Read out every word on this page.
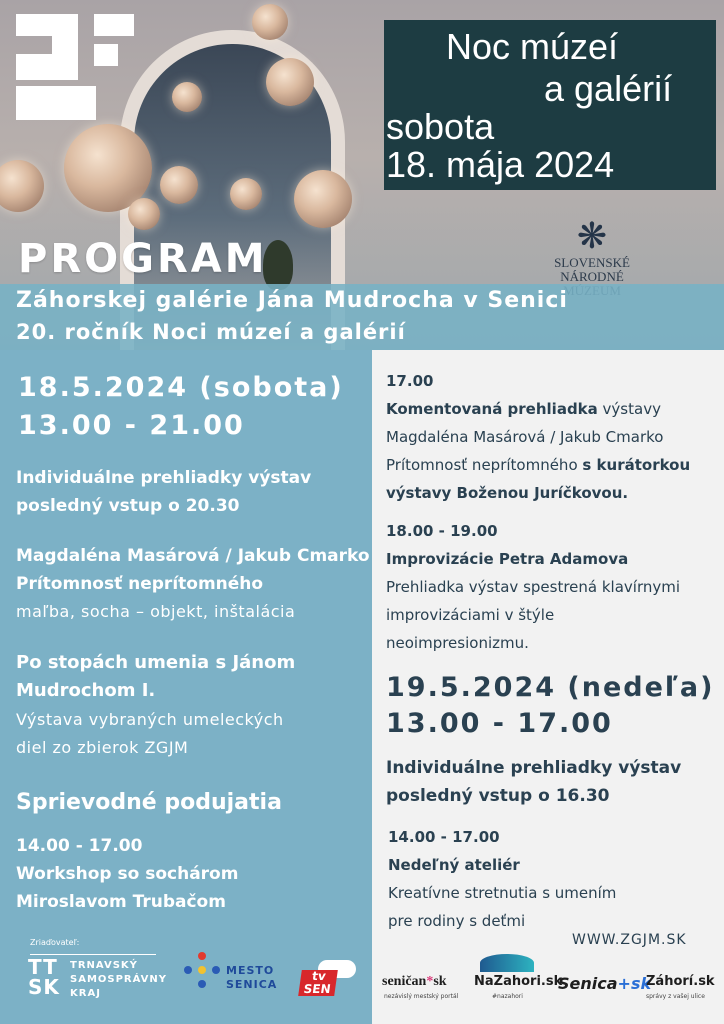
Noc múzeí
a galérií
sobota
18. mája 2024
❋
SLOVENSKÉ
NÁRODNÉ
PROGRAM
Záhorskej galérie Jána Mudrocha v Senici
20. ročník Noci múzeí a galérií
18.5.2024 (sobota)
13.00 - 21.00
Individuálne prehliadky výstav
posledný vstup o 20.30
Magdaléna Masárová / Jakub Cmarko
Prítomnosť neprítomného
maľba, socha – objekt, inštalácia
Po stopách umenia s Jánom
Mudrochom I.
Výstava vybraných umeleckých
diel zo zbierok ZGJM
Sprievodné podujatia
14.00 - 17.00
Workshop so sochárom
Miroslavom Trubačom
17.00
Komentovaná prehliadka výstavy
Magdaléna Masárová / Jakub Cmarko
Prítomnosť neprítomného s kurátorkou
výstavy Boženou Juríčkovou.
18.00 - 19.00
Improvizácie Petra Adamova
Prehliadka výstav spestrená klavírnymi
improvizáciami v štýle
neoimpresionizmu.
19.5.2024 (nedeľa)
13.00 - 17.00
Individuálne prehliadky výstav
posledný vstup o 16.30
14.00 - 17.00
Nedeľný ateliér
Kreatívne stretnutia s umením
pre rodiny s deťmi
WWW.ZGJM.SK
Zriaďovateľ:
TT
SK
TRNAVSKÝ
SAMOSPRÁVNY
KRAJ
MESTO
SENICA
tv
SEN	seničan*sk
nezávislý mestský portál
NaZahori.sk
#nazahori
Senica+sk
Záhorí.sk
správy z vašej ulice
